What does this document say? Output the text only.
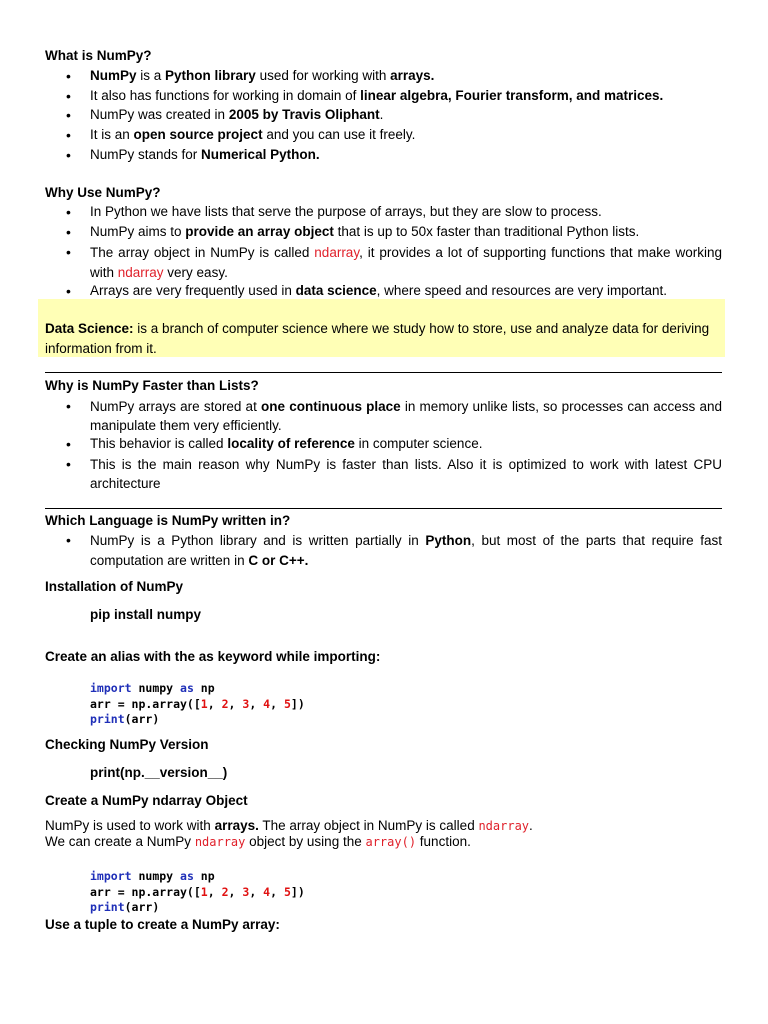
What is NumPy?
• NumPy is a Python library used for working with arrays.
• It also has functions for working in domain of linear algebra, Fourier transform, and matrices.
• NumPy was created in 2005 by Travis Oliphant.
• It is an open source project and you can use it freely.
• NumPy stands for Numerical Python.
Why Use NumPy?
• In Python we have lists that serve the purpose of arrays, but they are slow to process.
• NumPy aims to provide an array object that is up to 50x faster than traditional Python lists.
• The array object in NumPy is called ndarray, it provides a lot of supporting functions that make working with ndarray very easy.
• Arrays are very frequently used in data science, where speed and resources are very important.
Data Science: is a branch of computer science where we study how to store, use and analyze data for deriving information from it.
Why is NumPy Faster than Lists?
• NumPy arrays are stored at one continuous place in memory unlike lists, so processes can access and manipulate them very efficiently.
• This behavior is called locality of reference in computer science.
• This is the main reason why NumPy is faster than lists. Also it is optimized to work with latest CPU architecture
Which Language is NumPy written in?
• NumPy is a Python library and is written partially in Python, but most of the parts that require fast computation are written in C or C++.
Installation of NumPy
pip install numpy
Create an alias with the as keyword while importing:
import numpy as np
arr = np.array([1, 2, 3, 4, 5])
print(arr)
Checking NumPy Version
print(np.__version__)
Create a NumPy ndarray Object
NumPy is used to work with arrays. The array object in NumPy is called ndarray.
We can create a NumPy ndarray object by using the array() function.
import numpy as np
arr = np.array([1, 2, 3, 4, 5])
print(arr)
Use a tuple to create a NumPy array:
